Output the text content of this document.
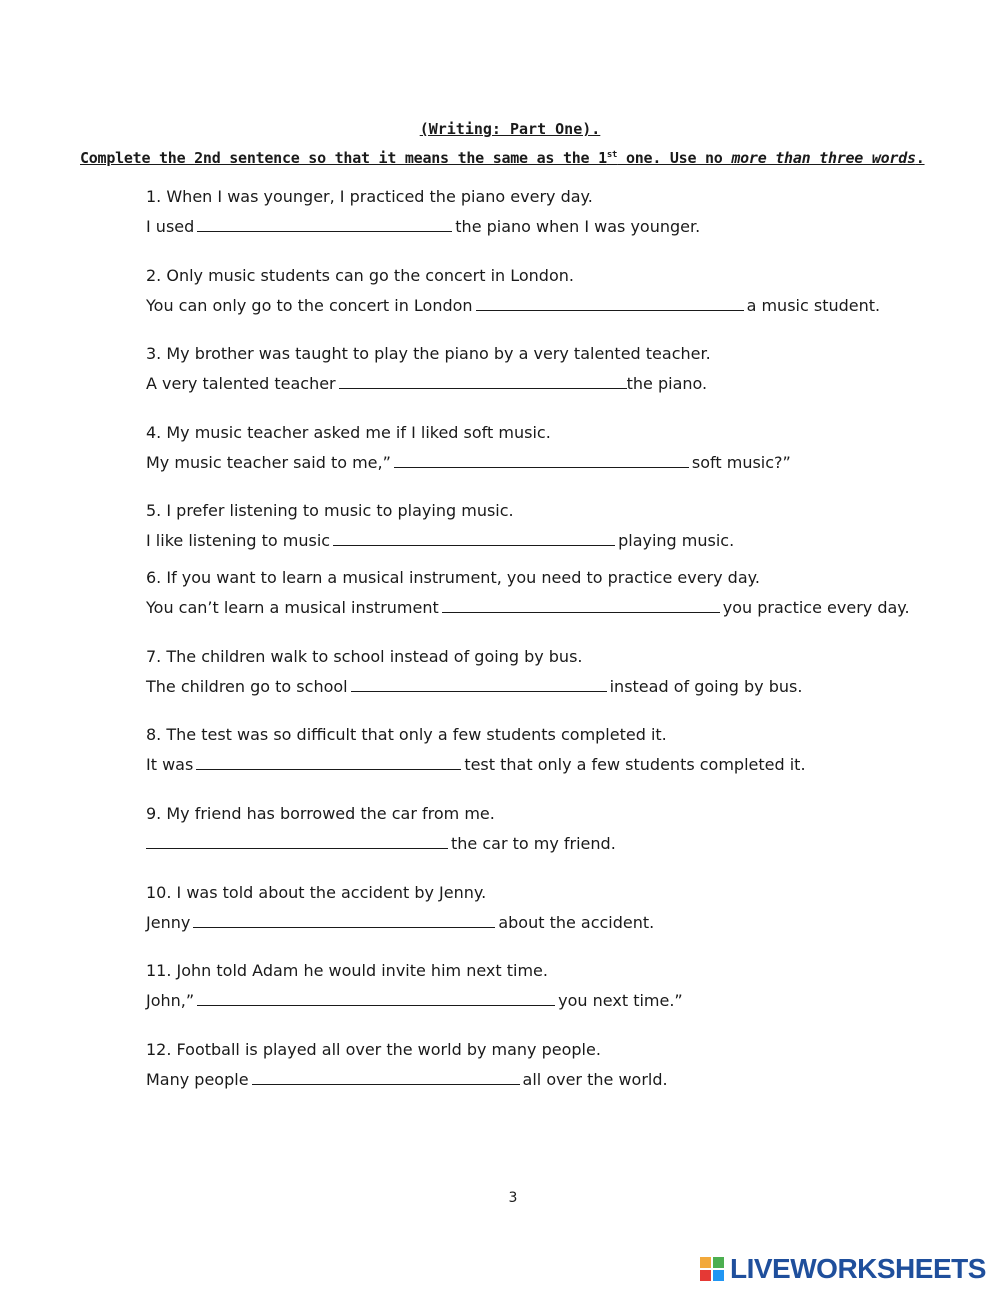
(Writing: Part One).
Complete the 2nd sentence so that it means the same as the 1st one. Use no more than three words.
1. When I was younger, I practiced the piano every day.
I used	the piano when I was younger.
2. Only music students can go the concert in London.
You can only go to the concert in London	a music student.
3. My brother was taught to play the piano by a very talented teacher.
A very talented teacher	the piano.
4. My music teacher asked me if I liked soft music.
My music teacher said to me,”	soft music?”
5. I prefer listening to music to playing music.
I like listening to music	playing music.
6. If you want to learn a musical instrument, you need to practice every day.
You can’t learn a musical instrument	you practice every day.
7. The children walk to school instead of going by bus.
The children go to school	instead of going by bus.
8. The test was so difficult that only a few students completed it.
It was	test that only a few students completed it.
9. My friend has borrowed the car from me.
the car to my friend.
10. I was told about the accident by Jenny.
Jenny	about the accident.
11. John told Adam he would invite him next time.
John,”	you next time.”
12. Football is played all over the world by many people.
Many people	all over the world.
3
LIVEWORKSHEETS
